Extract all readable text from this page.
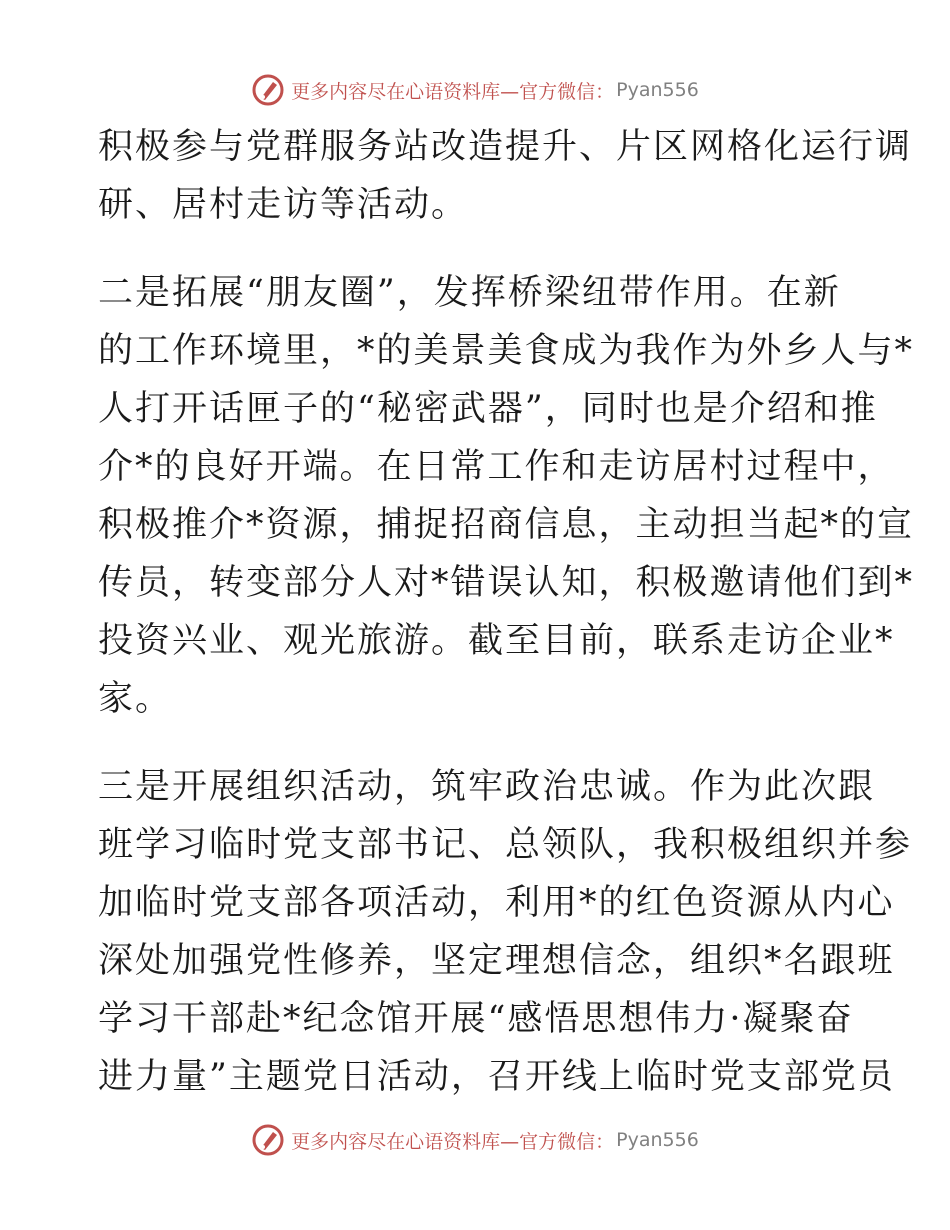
更多内容尽在心语资料库—官方微信： Pyan556
积极参与党群服务站改造提升、片区网格化运行调
研、居村走访等活动。
二是拓展“朋友圈”，发挥桥梁纽带作用。在新
的工作环境里，*的美景美食成为我作为外乡人与*
人打开话匣子的“秘密武器”，同时也是介绍和推
介*的良好开端。在日常工作和走访居村过程中，
积极推介*资源，捕捉招商信息，主动担当起*的宣
传员，转变部分人对*错误认知，积极邀请他们到*
投资兴业、观光旅游。截至目前，联系走访企业*
家。
三是开展组织活动，筑牢政治忠诚。作为此次跟
班学习临时党支部书记、总领队，我积极组织并参
加临时党支部各项活动，利用*的红色资源从内心
深处加强党性修养，坚定理想信念，组织*名跟班
学习干部赴*纪念馆开展“感悟思想伟力·凝聚奋
进力量”主题党日活动，召开线上临时党支部党员
更多内容尽在心语资料库—官方微信： Pyan556
